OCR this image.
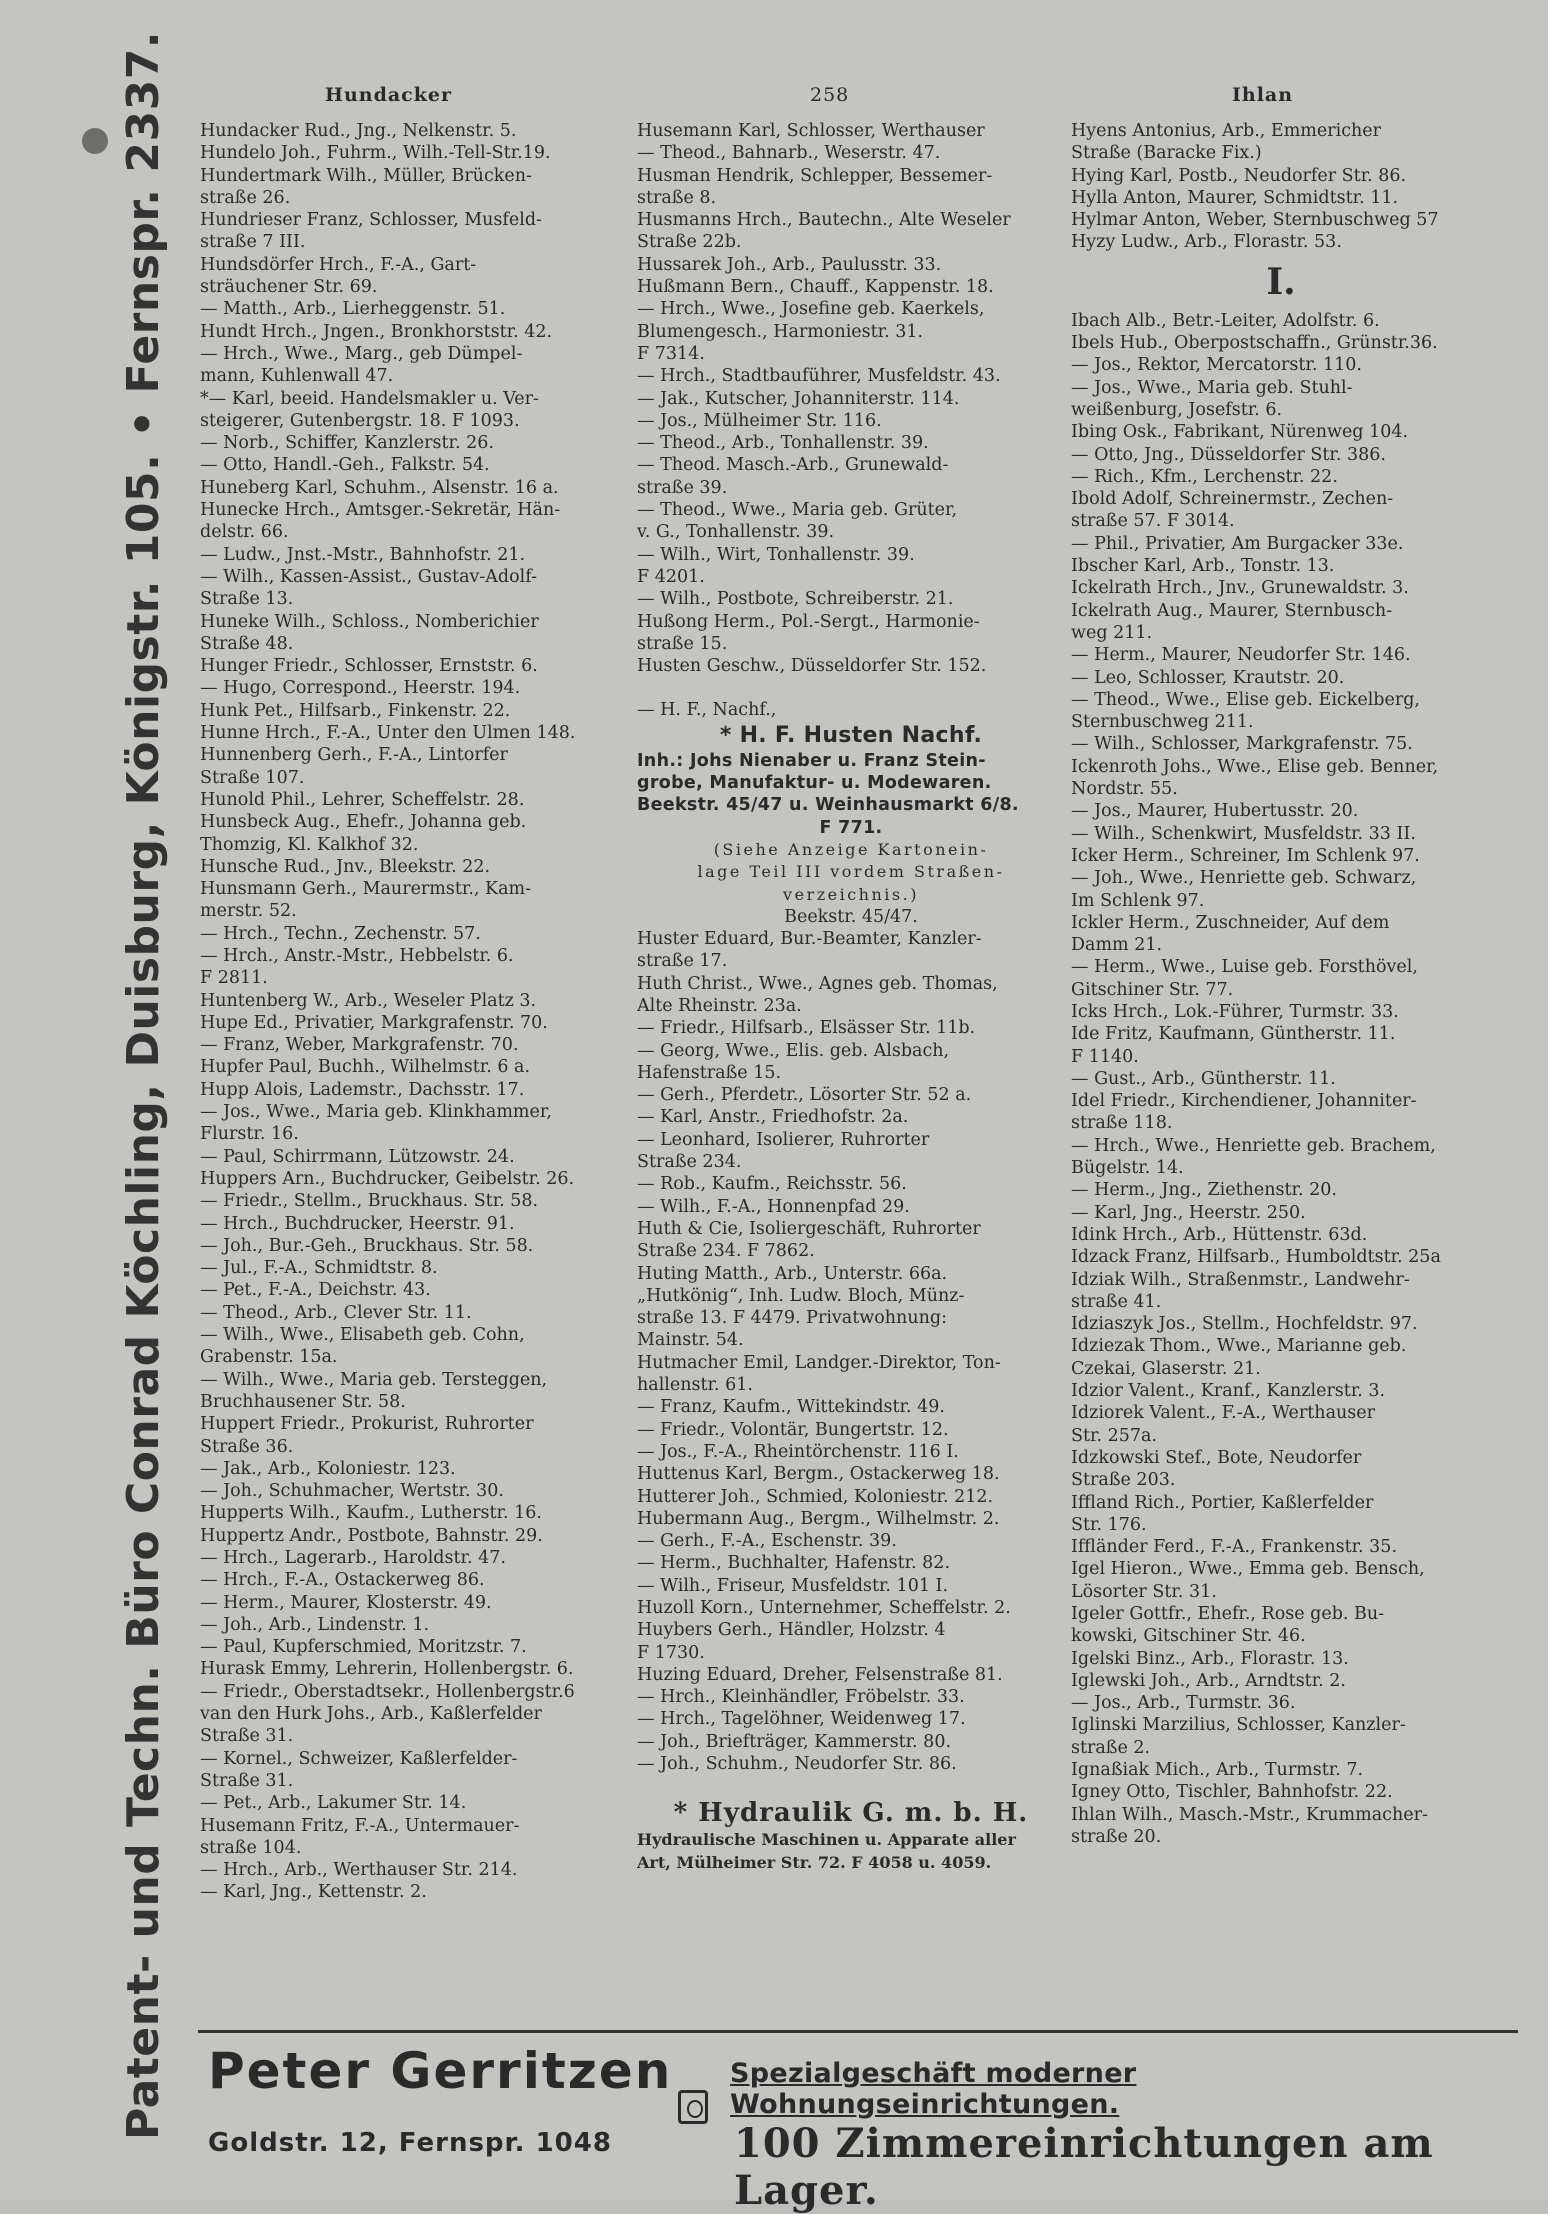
Patent- und Techn. Büro Conrad Köchling, Duisburg, Königstr. 105. • Fernspr. 2337.	Hundacker	258	Ihlan
Hundacker Rud., Jng., Nelkenstr. 5.
Hundelo Joh., Fuhrm., Wilh.-Tell-Str.19.
Hundertmark Wilh., Müller, Brücken-
straße 26.
Hundrieser Franz, Schlosser, Musfeld-
straße 7 III.
Hundsdörfer Hrch., F.-A., Gart-
sträuchener Str. 69.
— Matth., Arb., Lierheggenstr. 51.
Hundt Hrch., Jngen., Bronkhorststr. 42.
— Hrch., Wwe., Marg., geb Dümpel-
mann, Kuhlenwall 47.
*— Karl, beeid. Handelsmakler u. Ver-
steigerer, Gutenbergstr. 18. F 1093.
— Norb., Schiffer, Kanzlerstr. 26.
— Otto, Handl.-Geh., Falkstr. 54.
Huneberg Karl, Schuhm., Alsenstr. 16 a.
Hunecke Hrch., Amtsger.-Sekretär, Hän-
delstr. 66.
— Ludw., Jnst.-Mstr., Bahnhofstr. 21.
— Wilh., Kassen-Assist., Gustav-Adolf-
Straße 13.
Huneke Wilh., Schloss., Nomberichier
Straße 48.
Hunger Friedr., Schlosser, Ernststr. 6.
— Hugo, Correspond., Heerstr. 194.
Hunk Pet., Hilfsarb., Finkenstr. 22.
Hunne Hrch., F.-A., Unter den Ulmen 148.
Hunnenberg Gerh., F.-A., Lintorfer
Straße 107.
Hunold Phil., Lehrer, Scheffelstr. 28.
Hunsbeck Aug., Ehefr., Johanna geb.
Thomzig, Kl. Kalkhof 32.
Hunsche Rud., Jnv., Bleekstr. 22.
Hunsmann Gerh., Maurermstr., Kam-
merstr. 52.
— Hrch., Techn., Zechenstr. 57.
— Hrch., Anstr.-Mstr., Hebbelstr. 6.
F 2811.
Huntenberg W., Arb., Weseler Platz 3.
Hupe Ed., Privatier, Markgrafenstr. 70.
— Franz, Weber, Markgrafenstr. 70.
Hupfer Paul, Buchh., Wilhelmstr. 6 a.
Hupp Alois, Lademstr., Dachsstr. 17.
— Jos., Wwe., Maria geb. Klinkhammer,
Flurstr. 16.
— Paul, Schirrmann, Lützowstr. 24.
Huppers Arn., Buchdrucker, Geibelstr. 26.
— Friedr., Stellm., Bruckhaus. Str. 58.
— Hrch., Buchdrucker, Heerstr. 91.
— Joh., Bur.-Geh., Bruckhaus. Str. 58.
— Jul., F.-A., Schmidtstr. 8.
— Pet., F.-A., Deichstr. 43.
— Theod., Arb., Clever Str. 11.
— Wilh., Wwe., Elisabeth geb. Cohn,
Grabenstr. 15a.
— Wilh., Wwe., Maria geb. Tersteggen,
Bruchhausener Str. 58.
Huppert Friedr., Prokurist, Ruhrorter
Straße 36.
— Jak., Arb., Koloniestr. 123.
— Joh., Schuhmacher, Wertstr. 30.
Hupperts Wilh., Kaufm., Lutherstr. 16.
Huppertz Andr., Postbote, Bahnstr. 29.
— Hrch., Lagerarb., Haroldstr. 47.
— Hrch., F.-A., Ostackerweg 86.
— Herm., Maurer, Klosterstr. 49.
— Joh., Arb., Lindenstr. 1.
— Paul, Kupferschmied, Moritzstr. 7.
Hurask Emmy, Lehrerin, Hollenbergstr. 6.
— Friedr., Oberstadtsekr., Hollenbergstr.6
van den Hurk Johs., Arb., Kaßlerfelder
Straße 31.
— Kornel., Schweizer, Kaßlerfelder-
Straße 31.
— Pet., Arb., Lakumer Str. 14.
Husemann Fritz, F.-A., Untermauer-
straße 104.
— Hrch., Arb., Werthauser Str. 214.
— Karl, Jng., Kettenstr. 2.
Husemann Karl, Schlosser, Werthauser
— Theod., Bahnarb., Weserstr. 47.
Husman Hendrik, Schlepper, Bessemer-
straße 8.
Husmanns Hrch., Bautechn., Alte Weseler
Straße 22b.
Hussarek Joh., Arb., Paulusstr. 33.
Hußmann Bern., Chauff., Kappenstr. 18.
— Hrch., Wwe., Josefine geb. Kaerkels,
Blumengesch., Harmoniestr. 31.
F 7314.
— Hrch., Stadtbauführer, Musfeldstr. 43.
— Jak., Kutscher, Johanniterstr. 114.
— Jos., Mülheimer Str. 116.
— Theod., Arb., Tonhallenstr. 39.
— Theod. Masch.-Arb., Grunewald-
straße 39.
— Theod., Wwe., Maria geb. Grüter,
v. G., Tonhallenstr. 39.
— Wilh., Wirt, Tonhallenstr. 39.
F 4201.
— Wilh., Postbote, Schreiberstr. 21.
Hußong Herm., Pol.-Sergt., Harmonie-
straße 15.
Husten Geschw., Düsseldorfer Str. 152.
— H. F., Nachf.,
* H. F. Husten Nachf.
Inh.: Johs Nienaber u. Franz Stein-
grobe, Manufaktur- u. Modewaren.
Beekstr. 45/47 u. Weinhausmarkt 6/8.
F 771.
(Siehe Anzeige Kartonein-
lage Teil III vordem Straßen-
verzeichnis.)
Beekstr. 45/47.
Huster Eduard, Bur.-Beamter, Kanzler-
straße 17.
Huth Christ., Wwe., Agnes geb. Thomas,
Alte Rheinstr. 23a.
— Friedr., Hilfsarb., Elsässer Str. 11b.
— Georg, Wwe., Elis. geb. Alsbach,
Hafenstraße 15.
— Gerh., Pferdetr., Lösorter Str. 52 a.
— Karl, Anstr., Friedhofstr. 2a.
— Leonhard, Isolierer, Ruhrorter
Straße 234.
— Rob., Kaufm., Reichsstr. 56.
— Wilh., F.-A., Honnenpfad 29.
Huth & Cie, Isoliergeschäft, Ruhrorter
Straße 234. F 7862.
Huting Matth., Arb., Unterstr. 66a.
„Hutkönig“, Inh. Ludw. Bloch, Münz-
straße 13. F 4479. Privatwohnung:
Mainstr. 54.
Hutmacher Emil, Landger.-Direktor, Ton-
hallenstr. 61.
— Franz, Kaufm., Wittekindstr. 49.
— Friedr., Volontär, Bungertstr. 12.
— Jos., F.-A., Rheintörchenstr. 116 I.
Huttenus Karl, Bergm., Ostackerweg 18.
Hutterer Joh., Schmied, Koloniestr. 212.
Hubermann Aug., Bergm., Wilhelmstr. 2.
— Gerh., F.-A., Eschenstr. 39.
— Herm., Buchhalter, Hafenstr. 82.
— Wilh., Friseur, Musfeldstr. 101 I.
Huzoll Korn., Unternehmer, Scheffelstr. 2.
Huybers Gerh., Händler, Holzstr. 4
F 1730.
Huzing Eduard, Dreher, Felsenstraße 81.
— Hrch., Kleinhändler, Fröbelstr. 33.
— Hrch., Tagelöhner, Weidenweg 17.
— Joh., Briefträger, Kammerstr. 80.
— Joh., Schuhm., Neudorfer Str. 86.
* Hydraulik G. m. b. H.
Hydraulische Maschinen u. Apparate aller
Art, Mülheimer Str. 72. F 4058 u. 4059.
Hyens Antonius, Arb., Emmericher
Straße (Baracke Fix.)
Hying Karl, Postb., Neudorfer Str. 86.
Hylla Anton, Maurer, Schmidtstr. 11.
Hylmar Anton, Weber, Sternbuschweg 57
Hyzy Ludw., Arb., Florastr. 53.
I.
Ibach Alb., Betr.-Leiter, Adolfstr. 6.
Ibels Hub., Oberpostschaffn., Grünstr.36.
— Jos., Rektor, Mercatorstr. 110.
— Jos., Wwe., Maria geb. Stuhl-
weißenburg, Josefstr. 6.
Ibing Osk., Fabrikant, Nürenweg 104.
— Otto, Jng., Düsseldorfer Str. 386.
— Rich., Kfm., Lerchenstr. 22.
Ibold Adolf, Schreinermstr., Zechen-
straße 57. F 3014.
— Phil., Privatier, Am Burgacker 33e.
Ibscher Karl, Arb., Tonstr. 13.
Ickelrath Hrch., Jnv., Grunewaldstr. 3.
Ickelrath Aug., Maurer, Sternbusch-
weg 211.
— Herm., Maurer, Neudorfer Str. 146.
— Leo, Schlosser, Krautstr. 20.
— Theod., Wwe., Elise geb. Eickelberg,
Sternbuschweg 211.
— Wilh., Schlosser, Markgrafenstr. 75.
Ickenroth Johs., Wwe., Elise geb. Benner,
Nordstr. 55.
— Jos., Maurer, Hubertusstr. 20.
— Wilh., Schenkwirt, Musfeldstr. 33 II.
Icker Herm., Schreiner, Im Schlenk 97.
— Joh., Wwe., Henriette geb. Schwarz,
Im Schlenk 97.
Ickler Herm., Zuschneider, Auf dem
Damm 21.
— Herm., Wwe., Luise geb. Forsthövel,
Gitschiner Str. 77.
Icks Hrch., Lok.-Führer, Turmstr. 33.
Ide Fritz, Kaufmann, Güntherstr. 11.
F 1140.
— Gust., Arb., Güntherstr. 11.
Idel Friedr., Kirchendiener, Johanniter-
straße 118.
— Hrch., Wwe., Henriette geb. Brachem,
Bügelstr. 14.
— Herm., Jng., Ziethenstr. 20.
— Karl, Jng., Heerstr. 250.
Idink Hrch., Arb., Hüttenstr. 63d.
Idzack Franz, Hilfsarb., Humboldtstr. 25a
Idziak Wilh., Straßenmstr., Landwehr-
straße 41.
Idziaszyk Jos., Stellm., Hochfeldstr. 97.
Idziezak Thom., Wwe., Marianne geb.
Czekai, Glaserstr. 21.
Idzior Valent., Kranf., Kanzlerstr. 3.
Idziorek Valent., F.-A., Werthauser
Str. 257a.
Idzkowski Stef., Bote, Neudorfer
Straße 203.
Iffland Rich., Portier, Kaßlerfelder
Str. 176.
Iffländer Ferd., F.-A., Frankenstr. 35.
Igel Hieron., Wwe., Emma geb. Bensch,
Lösorter Str. 31.
Igeler Gottfr., Ehefr., Rose geb. Bu-
kowski, Gitschiner Str. 46.
Igelski Binz., Arb., Florastr. 13.
Iglewski Joh., Arb., Arndtstr. 2.
— Jos., Arb., Turmstr. 36.
Iglinski Marzilius, Schlosser, Kanzler-
straße 2.
Ignaßiak Mich., Arb., Turmstr. 7.
Igney Otto, Tischler, Bahnhofstr. 22.
Ihlan Wilh., Masch.-Mstr., Krummacher-
straße 20.
Peter Gerritzen
Goldstr. 12, Fernspr. 1048
Spezialgeschäft moderner Wohnungseinrichtungen.
100 Zimmereinrichtungen am Lager.
